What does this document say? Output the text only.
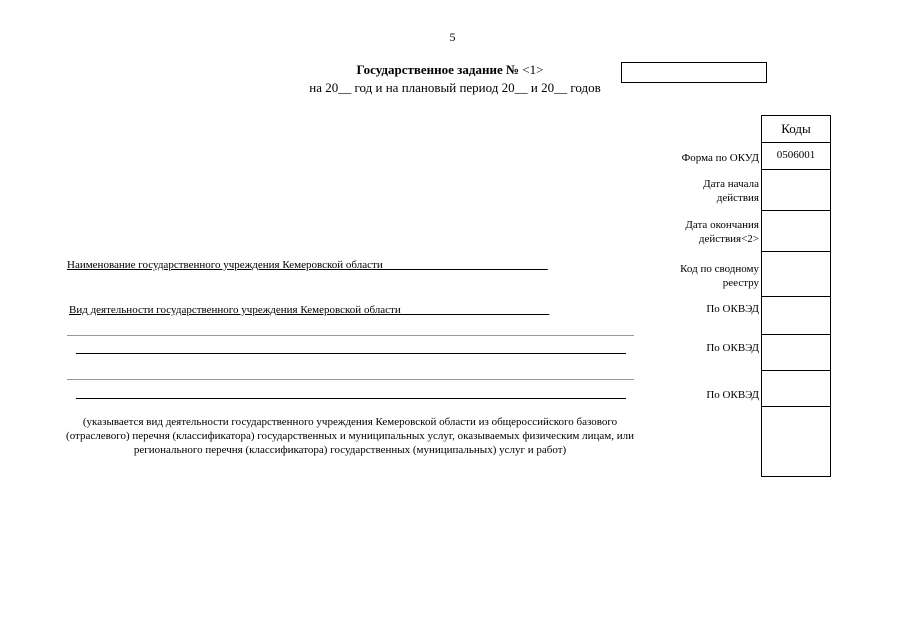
5
Государственное задание № <1>
на 20__ год и на плановый период 20__ и 20__ годов
Коды
Форма по ОКУД	0506001
Дата начала
действия
Дата окончания
действия<2>
Код по сводному
реестру
По ОКВЭД
По ОКВЭД
По ОКВЭД
Наименование государственного учреждения Кемеровской области______________________________
Вид деятельности государственного учреждения Кемеровской области___________________________
(указывается вид деятельности государственного учреждения Кемеровской области из общероссийского базового (отраслевого) перечня (классификатора) государственных и муниципальных услуг, оказываемых физическим лицам, или регионального перечня (классификатора) государственных (муниципальных) услуг и работ)
